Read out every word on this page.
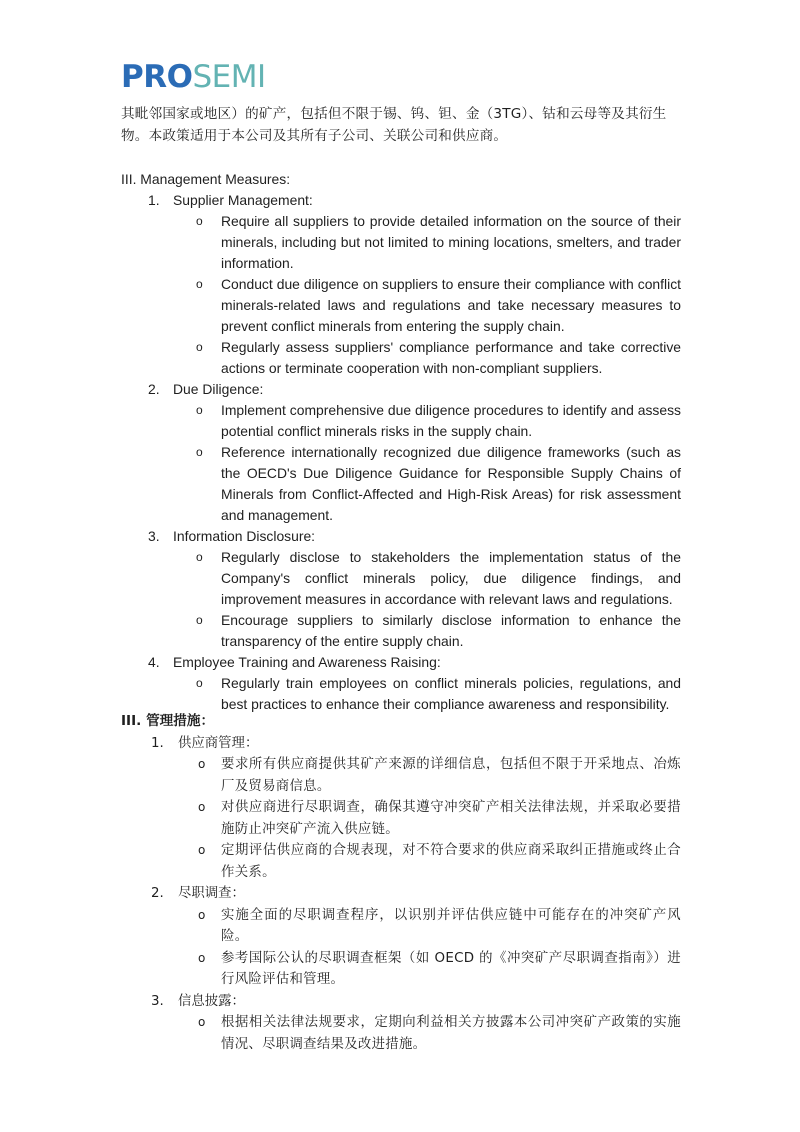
PROSEMI
其毗邻国家或地区）的矿产，包括但不限于锡、钨、钽、金（3TG）、钴和云母等及其衍生物。本政策适用于本公司及其所有子公司、关联公司和供应商。
III. Management Measures:
1. Supplier Management:
o Require all suppliers to provide detailed information on the source of their minerals, including but not limited to mining locations, smelters, and trader information.
o Conduct due diligence on suppliers to ensure their compliance with conflict minerals-related laws and regulations and take necessary measures to prevent conflict minerals from entering the supply chain.
o Regularly assess suppliers' compliance performance and take corrective actions or terminate cooperation with non-compliant suppliers.
2. Due Diligence:
o Implement comprehensive due diligence procedures to identify and assess potential conflict minerals risks in the supply chain.
o Reference internationally recognized due diligence frameworks (such as the OECD's Due Diligence Guidance for Responsible Supply Chains of Minerals from Conflict-Affected and High-Risk Areas) for risk assessment and management.
3. Information Disclosure:
o Regularly disclose to stakeholders the implementation status of the Company's conflict minerals policy, due diligence findings, and improvement measures in accordance with relevant laws and regulations.
o Encourage suppliers to similarly disclose information to enhance the transparency of the entire supply chain.
4. Employee Training and Awareness Raising:
o Regularly train employees on conflict minerals policies, regulations, and best practices to enhance their compliance awareness and responsibility.
III. 管理措施：
1. 供应商管理：
o 要求所有供应商提供其矿产来源的详细信息，包括但不限于开采地点、冶炼厂及贸易商信息。
o 对供应商进行尽职调查，确保其遵守冲突矿产相关法律法规，并采取必要措施防止冲突矿产流入供应链。
o 定期评估供应商的合规表现，对不符合要求的供应商采取纠正措施或终止合作关系。
2. 尽职调查：
o 实施全面的尽职调查程序，以识别并评估供应链中可能存在的冲突矿产风险。
o 参考国际公认的尽职调查框架（如 OECD 的《冲突矿产尽职调查指南》）进行风险评估和管理。
3. 信息披露：
o 根据相关法律法规要求，定期向利益相关方披露本公司冲突矿产政策的实施情况、尽职调查结果及改进措施。
